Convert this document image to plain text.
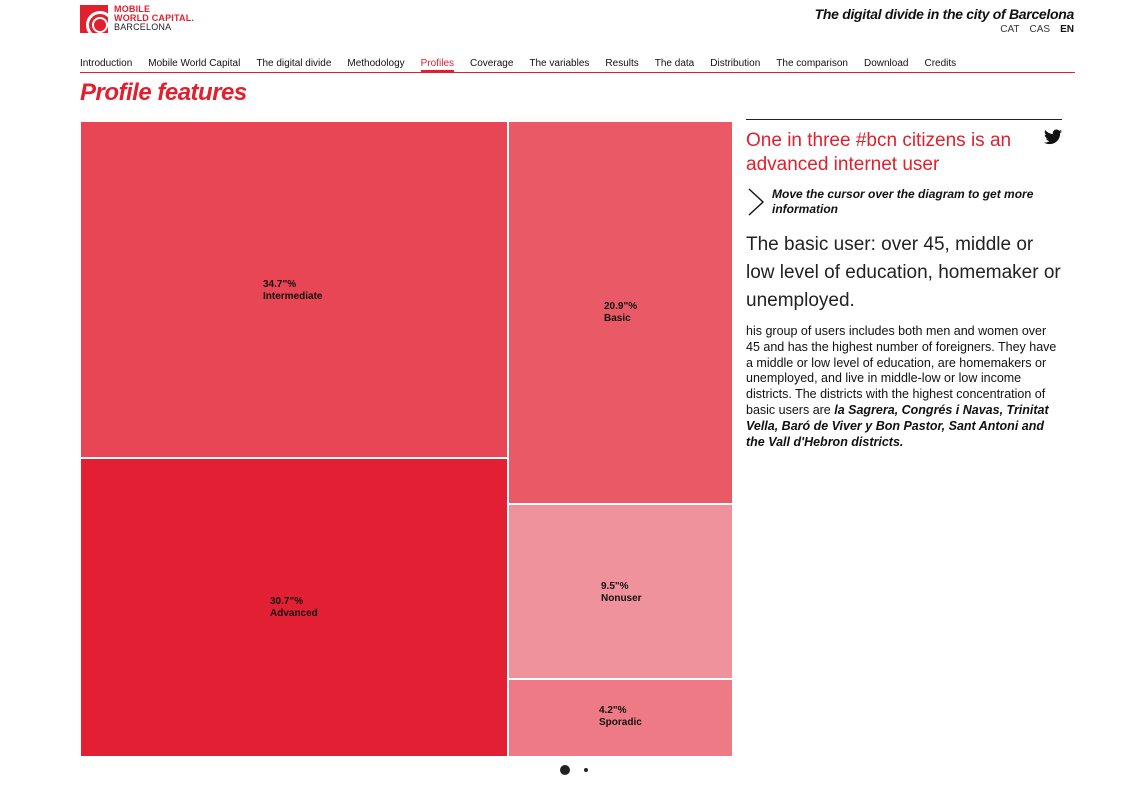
MOBILE
WORLD CAPITAL.
BARCELONA
The digital divide in the city of Barcelona
CAT CAS EN
Introduction Mobile World Capital The digital divide Methodology Profiles Coverage The variables Results The data Distribution The comparison Download Credits
Profile features
34.7"%
Intermediate
30.7"%
Advanced
20.9"%
Basic
9.5"%
Nonuser
4.2"%
Sporadic
One in three #bcn citizens is an advanced internet user
Move the cursor over the diagram to get more information
The basic user: over 45, middle or low level of education, homemaker or unemployed.

his group of users includes both men and women over 45 and has the highest number of foreigners. They have a middle or low level of education, are homemakers or unemployed, and live in middle-low or low income districts. The districts with the highest concentration of basic users are la Sagrera, Congrés i Navas, Trinitat Vella, Baró de Viver y Bon Pastor, Sant Antoni and the Vall d'Hebron districts.
